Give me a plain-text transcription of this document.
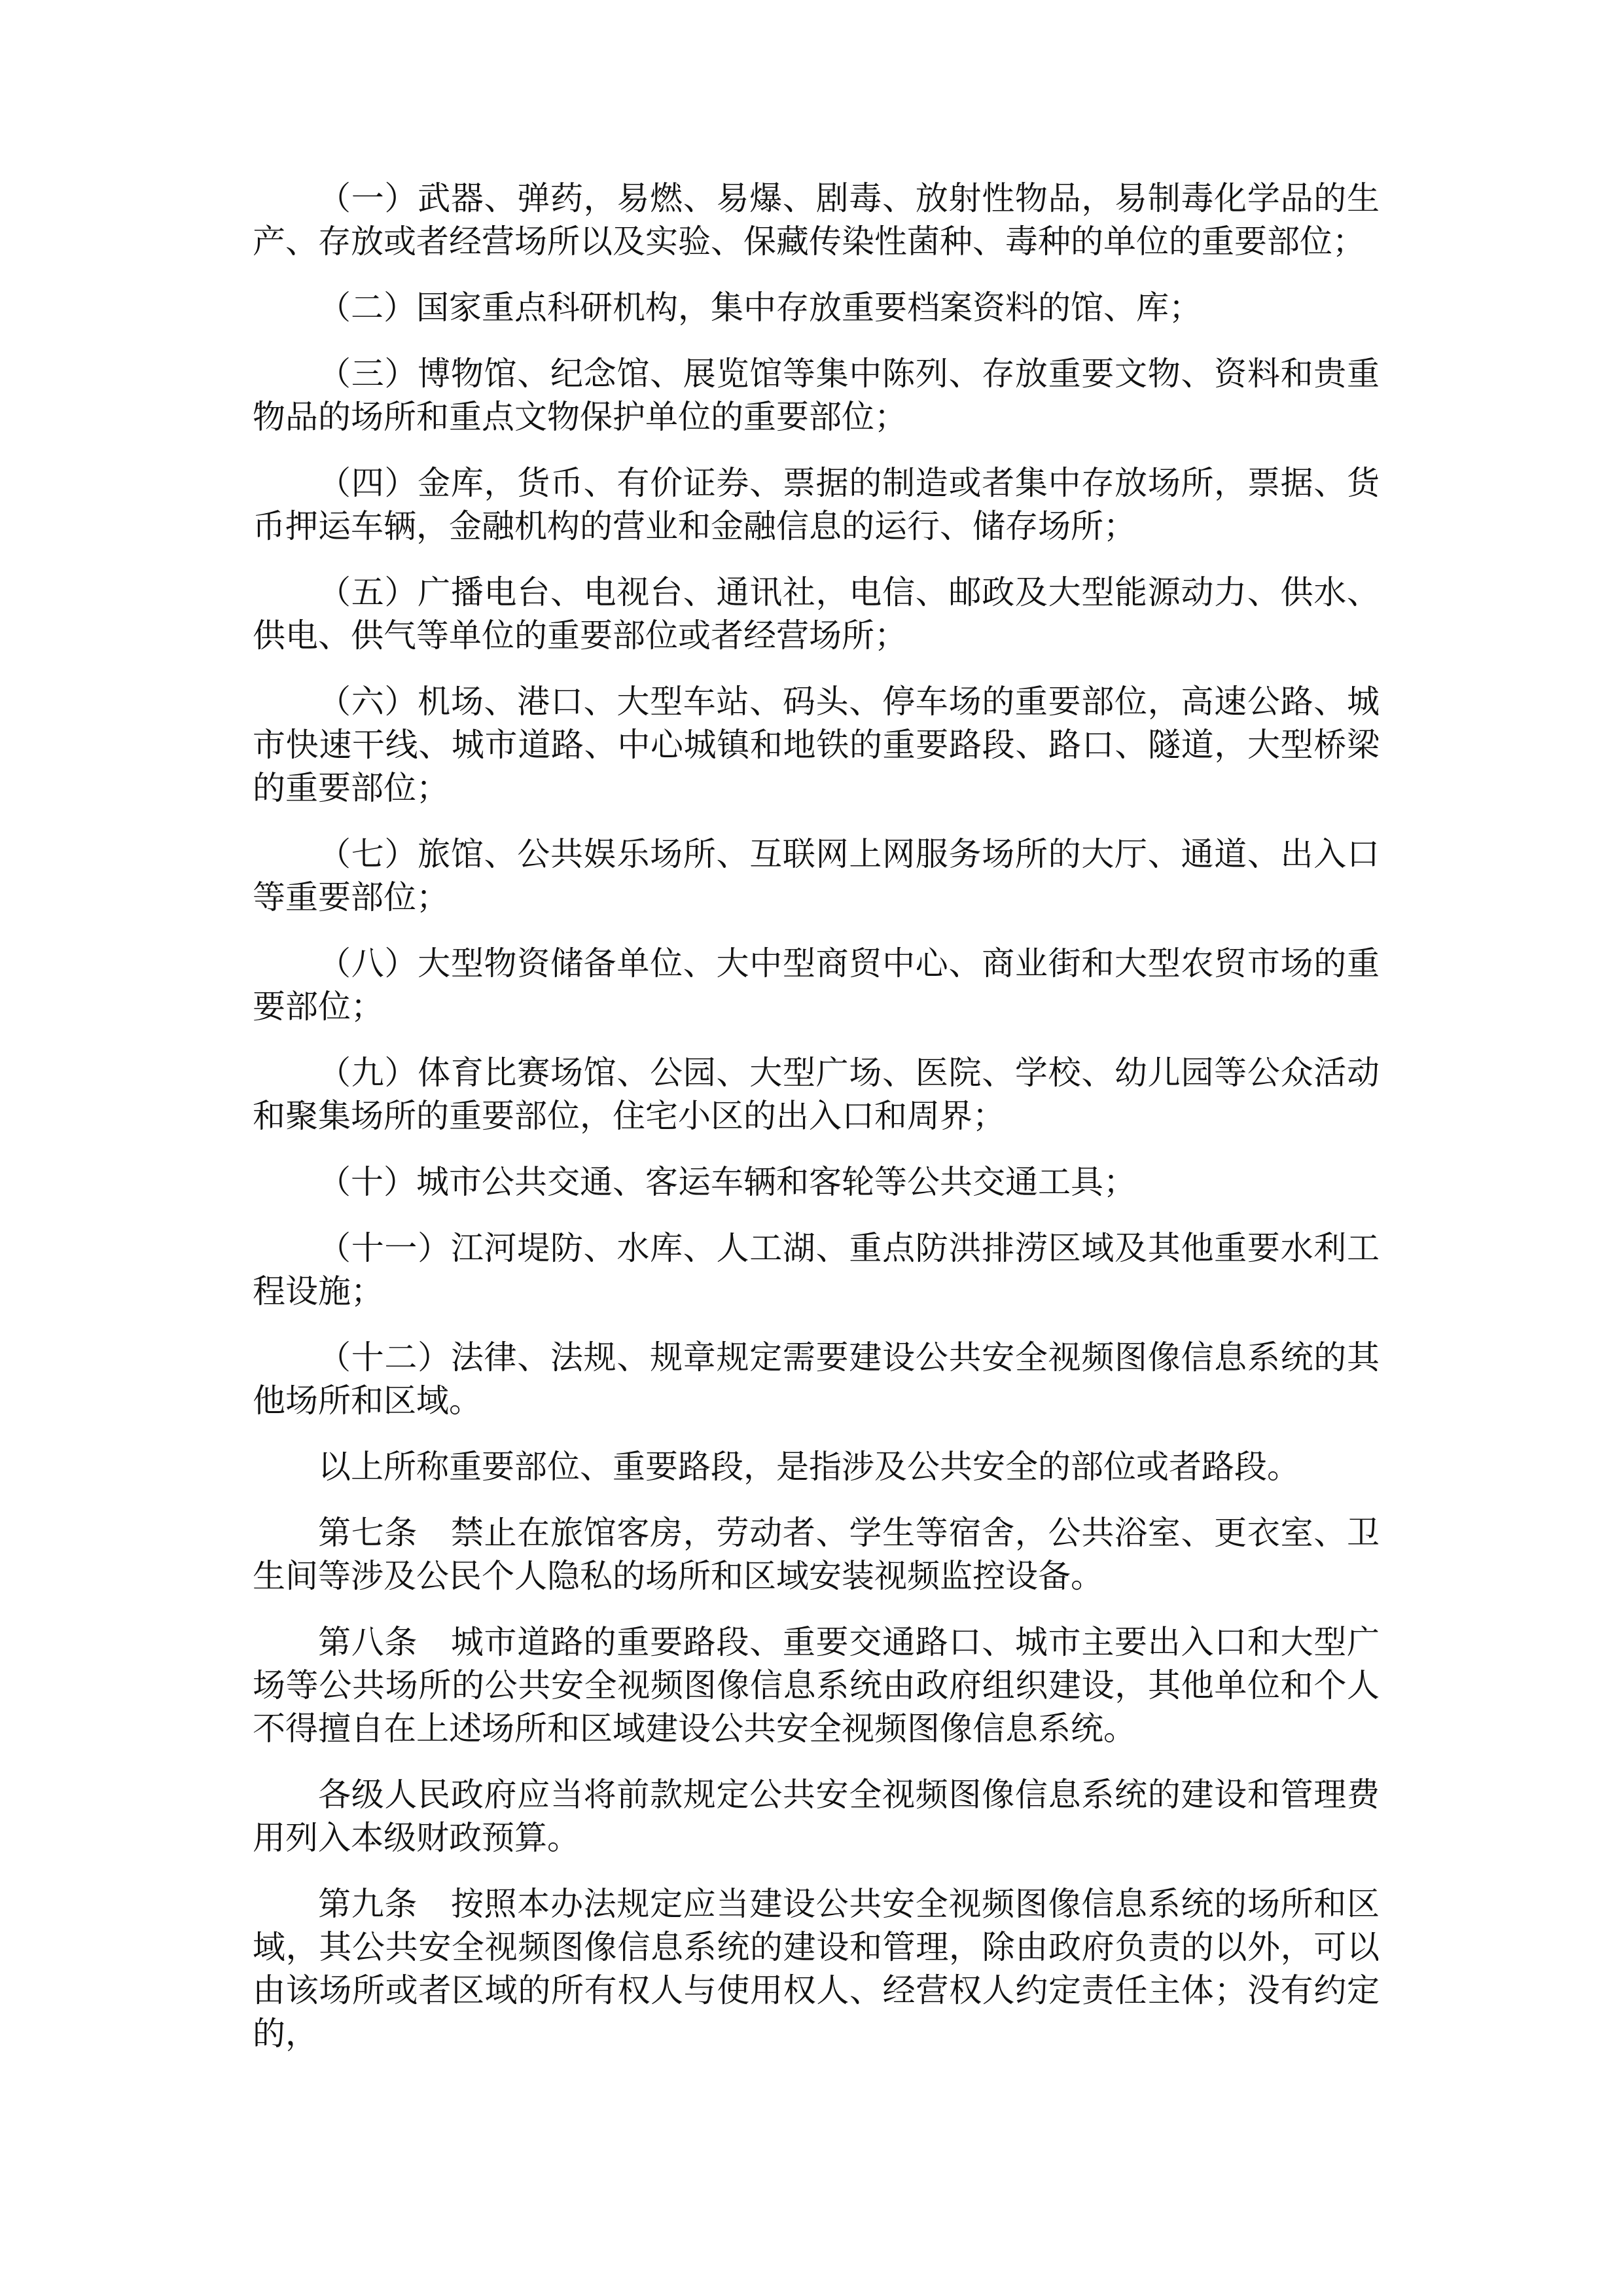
（一）武器、弹药，易燃、易爆、剧毒、放射性物品，易制毒化学品的生产、存放或者经营场所以及实验、保藏传染性菌种、毒种的单位的重要部位；

（二）国家重点科研机构，集中存放重要档案资料的馆、库；

（三）博物馆、纪念馆、展览馆等集中陈列、存放重要文物、资料和贵重物品的场所和重点文物保护单位的重要部位；

（四）金库，货币、有价证券、票据的制造或者集中存放场所，票据、货币押运车辆，金融机构的营业和金融信息的运行、储存场所；

（五）广播电台、电视台、通讯社，电信、邮政及大型能源动力、供水、供电、供气等单位的重要部位或者经营场所；

（六）机场、港口、大型车站、码头、停车场的重要部位，高速公路、城市快速干线、城市道路、中心城镇和地铁的重要路段、路口、隧道，大型桥梁的重要部位；

（七）旅馆、公共娱乐场所、互联网上网服务场所的大厅、通道、出入口等重要部位；

（八）大型物资储备单位、大中型商贸中心、商业街和大型农贸市场的重要部位；

（九）体育比赛场馆、公园、大型广场、医院、学校、幼儿园等公众活动和聚集场所的重要部位，住宅小区的出入口和周界；

（十）城市公共交通、客运车辆和客轮等公共交通工具；

（十一）江河堤防、水库、人工湖、重点防洪排涝区域及其他重要水利工程设施；

（十二）法律、法规、规章规定需要建设公共安全视频图像信息系统的其他场所和区域。

以上所称重要部位、重要路段，是指涉及公共安全的部位或者路段。

第七条　禁止在旅馆客房，劳动者、学生等宿舍，公共浴室、更衣室、卫生间等涉及公民个人隐私的场所和区域安装视频监控设备。

第八条　城市道路的重要路段、重要交通路口、城市主要出入口和大型广场等公共场所的公共安全视频图像信息系统由政府组织建设，其他单位和个人不得擅自在上述场所和区域建设公共安全视频图像信息系统。

各级人民政府应当将前款规定公共安全视频图像信息系统的建设和管理费用列入本级财政预算。

第九条　按照本办法规定应当建设公共安全视频图像信息系统的场所和区域，其公共安全视频图像信息系统的建设和管理，除由政府负责的以外，可以由该场所或者区域的所有权人与使用权人、经营权人约定责任主体；没有约定的，
